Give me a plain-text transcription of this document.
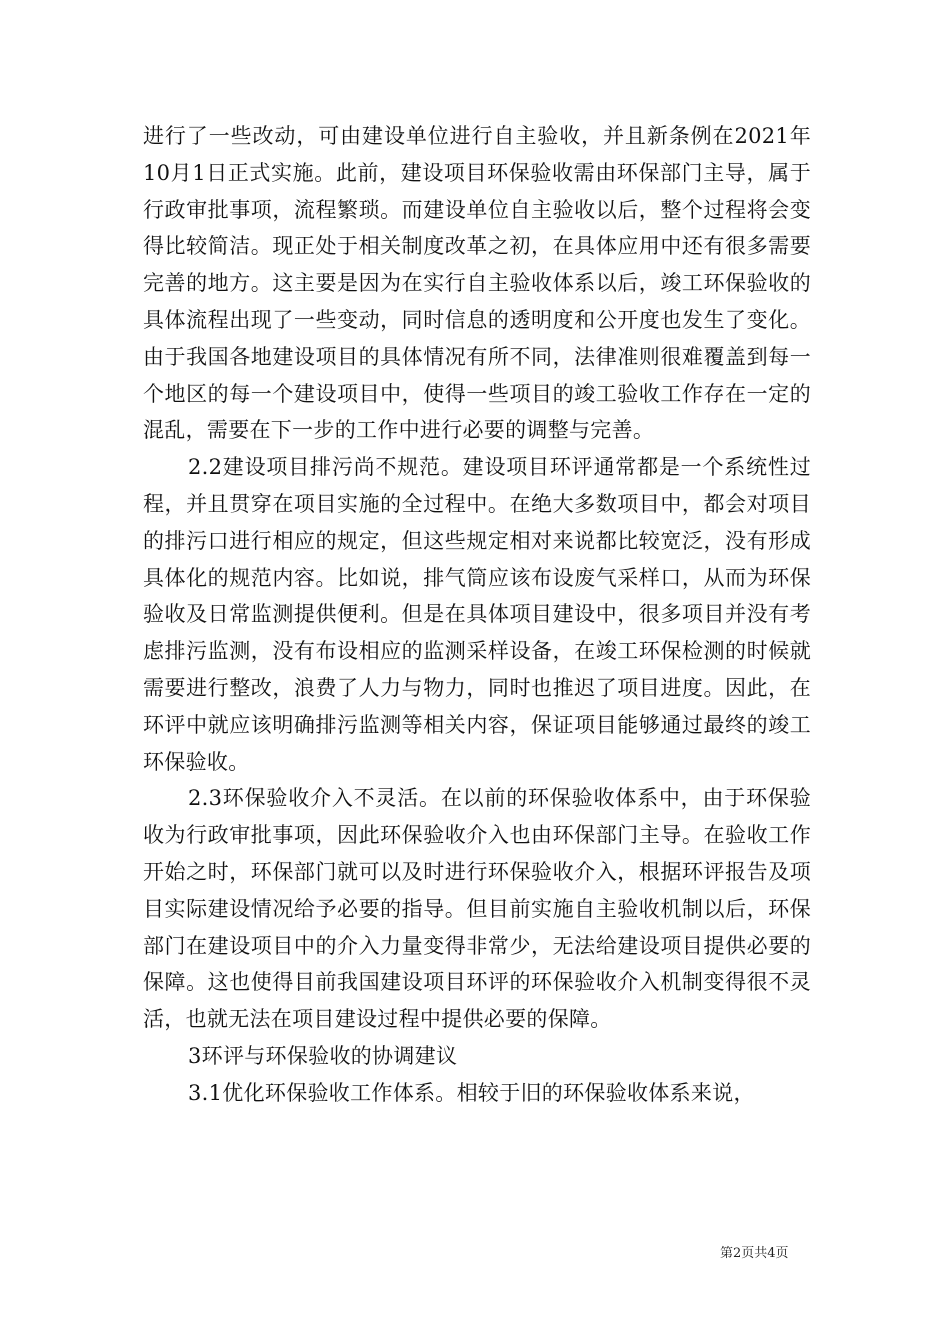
进行了一些改动，可由建设单位进行自主验收，并且新条例在2021年10月1日正式实施。此前，建设项目环保验收需由环保部门主导，属于行政审批事项，流程繁琐。而建设单位自主验收以后，整个过程将会变得比较简洁。现正处于相关制度改革之初，在具体应用中还有很多需要完善的地方。这主要是因为在实行自主验收体系以后，竣工环保验收的具体流程出现了一些变动，同时信息的透明度和公开度也发生了变化。由于我国各地建设项目的具体情况有所不同，法律准则很难覆盖到每一个地区的每一个建设项目中，使得一些项目的竣工验收工作存在一定的混乱，需要在下一步的工作中进行必要的调整与完善。

2.2建设项目排污尚不规范。建设项目环评通常都是一个系统性过程，并且贯穿在项目实施的全过程中。在绝大多数项目中，都会对项目的排污口进行相应的规定，但这些规定相对来说都比较宽泛，没有形成具体化的规范内容。比如说，排气筒应该布设废气采样口，从而为环保验收及日常监测提供便利。但是在具体项目建设中，很多项目并没有考虑排污监测，没有布设相应的监测采样设备，在竣工环保检测的时候就需要进行整改，浪费了人力与物力，同时也推迟了项目进度。因此，在环评中就应该明确排污监测等相关内容，保证项目能够通过最终的竣工环保验收。

2.3环保验收介入不灵活。在以前的环保验收体系中，由于环保验收为行政审批事项，因此环保验收介入也由环保部门主导。在验收工作开始之时，环保部门就可以及时进行环保验收介入，根据环评报告及项目实际建设情况给予必要的指导。但目前实施自主验收机制以后，环保部门在建设项目中的介入力量变得非常少，无法给建设项目提供必要的保障。这也使得目前我国建设项目环评的环保验收介入机制变得很不灵活，也就无法在项目建设过程中提供必要的保障。

3环评与环保验收的协调建议

3.1优化环保验收工作体系。相较于旧的环保验收体系来说，

第2页共4页
